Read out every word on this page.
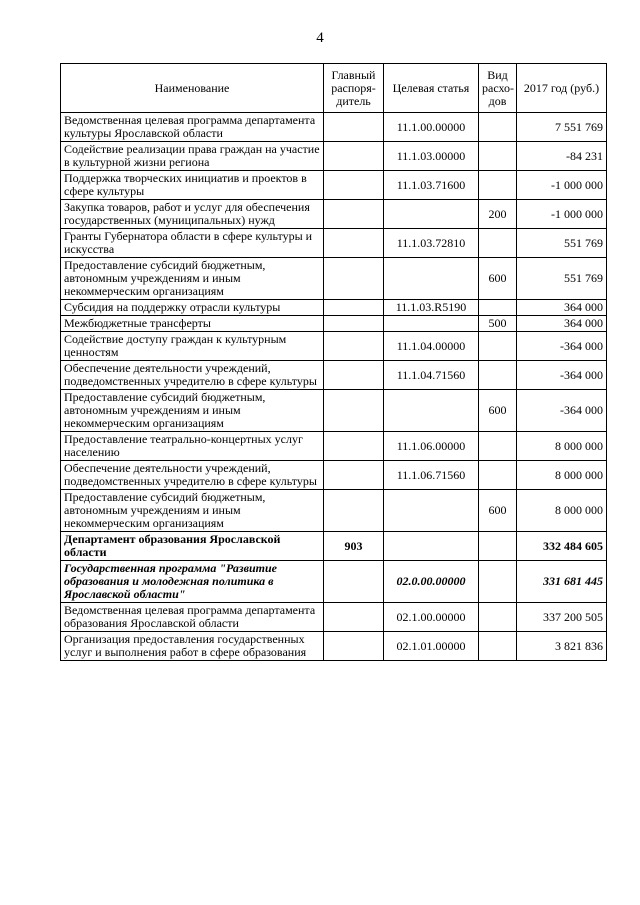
4
Наименование	Главный распоря-дитель	Целевая статья	Вид расхо-дов	2017 год (руб.)
Ведомственная целевая программа департамента культуры Ярославской области		11.1.00.00000		7 551 769
Содействие реализации права граждан на участие в культурной жизни региона		11.1.03.00000		-84 231
Поддержка творческих инициатив и проектов в сфере культуры		11.1.03.71600		-1 000 000
Закупка товаров, работ и услуг для обеспечения государственных (муниципальных) нужд			200	-1 000 000
Гранты Губернатора области в сфере культуры и искусства		11.1.03.72810		551 769
Предоставление субсидий бюджетным, автономным учреждениям и иным некоммерческим организациям			600	551 769
Субсидия на поддержку отрасли культуры		11.1.03.R5190		364 000
Межбюджетные трансферты			500	364 000
Содействие доступу граждан к культурным ценностям		11.1.04.00000		-364 000
Обеспечение деятельности учреждений, подведомственных учредителю в сфере культуры		11.1.04.71560		-364 000
Предоставление субсидий бюджетным, автономным учреждениям и иным некоммерческим организациям			600	-364 000
Предоставление театрально-концертных услуг населению		11.1.06.00000		8 000 000
Обеспечение деятельности учреждений, подведомственных учредителю в сфере культуры		11.1.06.71560		8 000 000
Предоставление субсидий бюджетным, автономным учреждениям и иным некоммерческим организациям			600	8 000 000
Департамент образования Ярославской области	903			332 484 605
Государственная программа "Развитие образования и молодежная политика в Ярославской области"		02.0.00.00000		331 681 445
Ведомственная целевая программа департамента образования Ярославской области		02.1.00.00000		337 200 505
Организация предоставления государственных услуг и выполнения работ в сфере образования		02.1.01.00000		3 821 836
